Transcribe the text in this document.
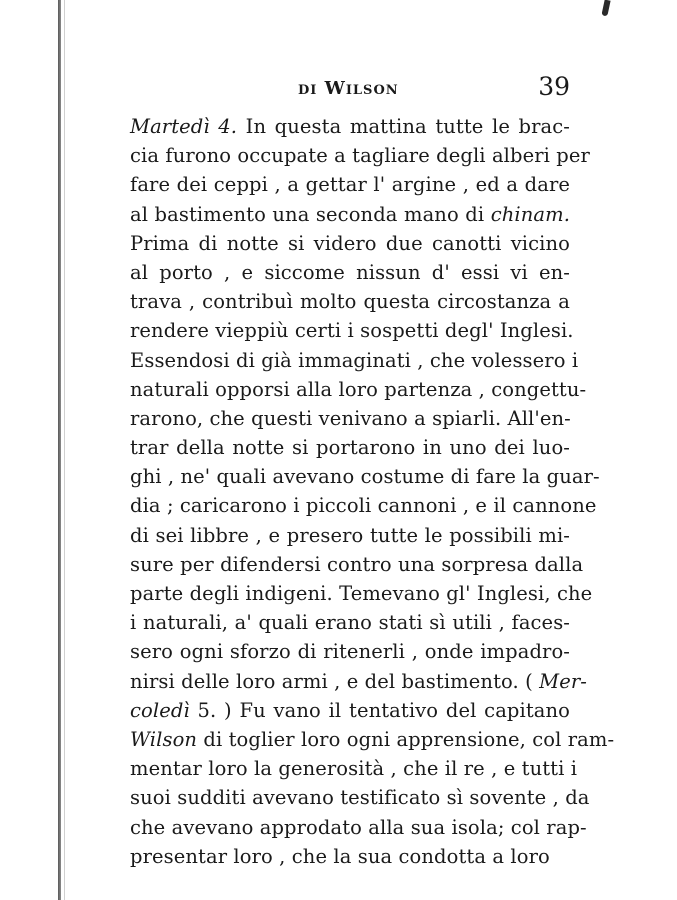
di Wilson	39
Martedì 4. In questa mattina tutte le brac-
cia furono occupate a tagliare degli alberi per
fare dei ceppi , a gettar l' argine , ed a dare
al bastimento una seconda mano di chinam.
Prima di notte si videro due canotti vicino
al porto , e siccome nissun d' essi vi en-
trava , contribuì molto questa circostanza a
rendere vieppiù certi i sospetti degl' Inglesi.
Essendosi di già immaginati , che volessero i
naturali opporsi alla loro partenza , congettu-
rarono, che questi venivano a spiarli. All'en-
trar della notte si portarono in uno dei luo-
ghi , ne' quali avevano costume di fare la guar-
dia ; caricarono i piccoli cannoni , e il cannone
di sei libbre , e presero tutte le possibili mi-
sure per difendersi contro una sorpresa dalla
parte degli indigeni. Temevano gl' Inglesi, che
i naturali, a' quali erano stati sì utili , faces-
sero ogni sforzo di ritenerli , onde impadro-
nirsi delle loro armi , e del bastimento. ( Mer-
coledì 5. ) Fu vano il tentativo del capitano
Wilson di toglier loro ogni apprensione, col ram-
mentar loro la generosità , che il re , e tutti i
suoi sudditi avevano testificato sì sovente , da
che avevano approdato alla sua isola; col rap-
presentar loro , che la sua condotta a loro
